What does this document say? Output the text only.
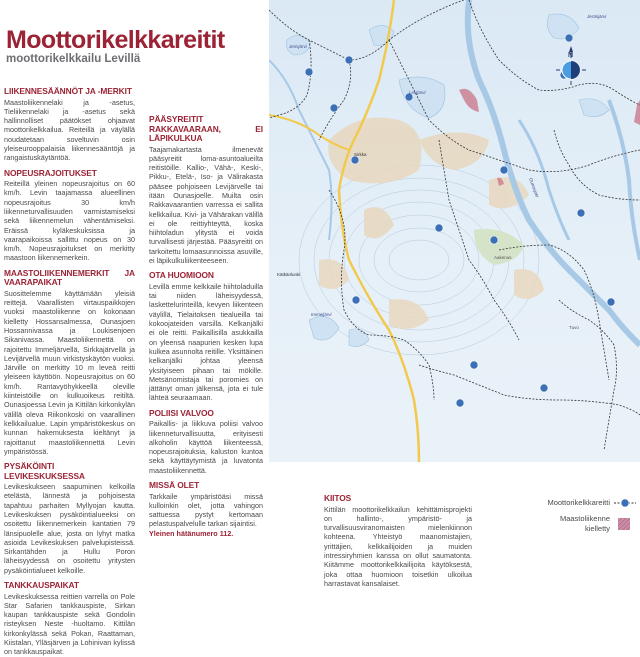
Moottorikelkkareitit
moottorikelkkailu Levillä
LIIKENNESÄÄNNÖT JA -MERKIT

Maastoliikennelaki ja -asetus, Tieliikennelaki ja -asetus sekä hallinnolliset päätökset ohjaavat moottorikelkkailua. Reiteillä ja väylällä noudatetaan soveltuvin osin yleiseurooppalaisia liikennesääntöjä ja rangaistuskäytäntöä.

NOPEUSRAJOITUKSET

Reiteillä yleinen nopeusrajoitus on 60 km/h. Levin taajamassa alueellinen nopeusrajoitus 30 km/h liikenneturvallisuuden varmistamiseksi sekä liikennemelun vähentämiseksi. Eräissä kyläkeskuksissa ja vaarapaikoissa sallittu nopeus on 30 km/h. Nopeusrajoitukset on merkitty maastoon liikennemerkein.

MAASTOLIIKENNEMERKIT JA VAARAPAIKAT

Suosittelemme käyttämään yleisiä reittejä. Vaarallisten virtauspaikkojen vuoksi maastoliikenne on kokonaan kielletty Hossansalmessa, Ounasjoen Hossannivassa ja Loukisenjoen Sikanivassa. Maastoliikennettä on rajoitettu Immeljärvellä, Sirkkajärvellä ja Levijärvellä muun virkistyskäytön vuoksi. Järville on merkitty 10 m leveä reitti yleiseen käyttöön. Nopeusrajoitus on 60 km/h. Rantavyöhykkeellä oleville kiinteistöille on kulkuoikeus reitiltä. Ounasjoessa Levin ja Kittilän kirkonkylän välillä oleva Riikonkoski on vaarallinen kelkkailualue. Lapin ympäristökeskus on kunnan hakemuksesta kieltänyt ja rajoittanut maastoliikennettä Levin ympäristössä.

PYSÄKÖINTI LEVIKESKUKSESSA

Levikeskukseen saapuminen kelkoilla etelästä, lännestä ja pohjoisesta tapahtuu parhaiten Myllyojan kautta. Levikeskuksen pysäköintialueeksi on osoitettu liikennemerkein kantatien 79 länsipuolelle alue, josta on lyhyt matka asioida Levikeskuksen palvelupisteissä. Sirkantähden ja Hullu Poron läheisyydessä on osoitettu yritysten pysäköintialueet kelkoille.

TANKKAUSPAIKAT

Levikeskuksessa reittien varrella on Pole Star Safarien tankkauspiste, Sirkan kaupan tankkauspiste sekä Gondolin risteyksen Neste -huoltamo. Kittilän kirkonkylässä sekä Pokan, Raattaman, Kiistalan, Ylläsjärven ja Lohinivan kylissä on tankkauspaikat.

PÄÄSYREITIT RAKKAVAARAAN, EI LÄPIKULKUA

Taajamakartasta ilmenevät pääsyreitit loma-asuntoalueilta reitistöille. Kallio-, Vähä-, Keski-, Pikku-, Etelä-, Iso- ja Välirakasta pääsee pohjoiseen Levijärvelle tai itään Ounasjoelle. Muilta osin Rakkavaarantien varressa ei sallita kelkkailua. Kivi- ja Vähärakan välillä ei ole reittiyhteyttä, koska hiihtoladun ylitystä ei voida turvallisesti järjestää. Pääsyreitit on tarkoitettu lomaasunnoissa asuville, ei läpikulkuliikenteeseen.

OTA HUOMIOON

Levillä emme kelkkaile hiihtoladuilla tai niiden läheisyydessä, laskettelurinteillä, kevyen liikenteen väylillä, Tielaitoksen tiealueilla tai kokoojateiden varsilla. Kelkanjälki ei ole reitti. Paikallisilla asukkailla on yleensä naapurien kesken lupa kulkea asunnolta reitille. Yksittäinen kelkanjälki johtaa yleensä yksityiseen pihaan tai mökille. Metsänomistaja tai poromies on jättänyt oman jälkensä, jota ei tule lähteä seuraamaan.

POLIISI VALVOO

Paikallis- ja liikkuva poliisi valvoo liikenneturvallisuutta, erityisesti alkoholin käyttöä liikenteessä, nopeusrajoituksia, kaluston kuntoa sekä käyttäytymistä ja luvatonta maastoliikennettä.

MISSÄ OLET

Tarkkaile ympäristöäsi missä kulloinkin olet, jotta vahingon sattuessa pystyt kertomaan pelastuspalvelulle tarkan sijaintisi.

Yleinen hätänumero 112.

N
Jerisjärvi
Jeräsjärvi
Levijärvi
Sirkka
Immeljärvi
Ounasjoki
Aakenus
Tuvo
Kätkänlunki
KIITOS

Kittilän moottorikelkkailun kehittämisprojekti on hallinto-, ympäristö- ja turvallisuusviranomaisten mielenkiinnon kohteena. Yhteistyö maanomistajien, yrittäjien, kelkkailijoiden ja muiden intressiryhmien kanssa on ollut saumatonta. Kiitämme moottorikelkkailijoita käytöksestä, joka ottaa huomioon toisetkin ulkoilua harrastavat kansalaiset.

Moottorikelkkareitti
Maastoliikenne
kielletty
